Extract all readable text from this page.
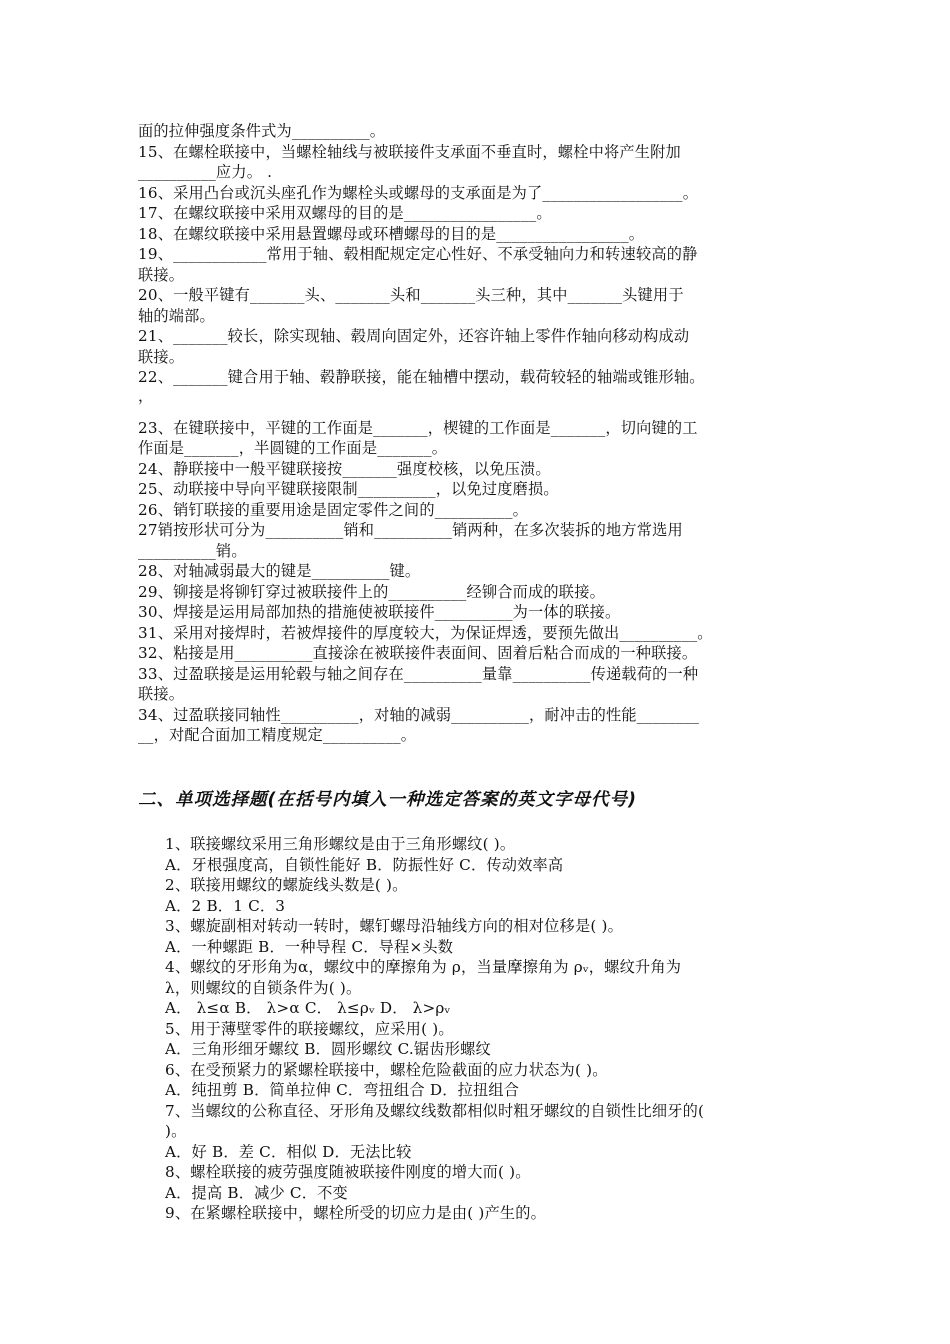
面的拉伸强度条件式为__________。
15、在螺栓联接中，当螺栓轴线与被联接件支承面不垂直时，螺栓中将产生附加
__________应力。 .
16、采用凸台或沉头座孔作为螺栓头或螺母的支承面是为了__________________。
17、在螺纹联接中采用双螺母的目的是_________________。
18、在螺纹联接中采用悬置螺母或环槽螺母的目的是_________________。
19、____________常用于轴、毂相配规定定心性好、不承受轴向力和转速较高的静
联接。
20、一般平键有_______头、_______头和_______头三种，其中_______头键用于
轴的端部。
21、_______较长，除实现轴、毂周向固定外，还容许轴上零件作轴向移动构成动
联接。
22、_______键合用于轴、毂静联接，能在轴槽中摆动，载荷较轻的轴端或锥形轴。
，
23、在键联接中，平键的工作面是_______，楔键的工作面是_______，切向键的工
作面是_______，半圆键的工作面是_______。
24、静联接中一般平键联接按_______强度校核，以免压溃。
25、动联接中导向平键联接限制__________，以免过度磨损。
26、销钉联接的重要用途是固定零件之间的__________。
27销按形状可分为__________销和__________销两种，在多次装拆的地方常选用
__________销。
28、对轴减弱最大的键是__________键。
29、铆接是将铆钉穿过被联接件上的__________经铆合而成的联接。
30、焊接是运用局部加热的措施使被联接件__________为一体的联接。
31、采用对接焊时，若被焊接件的厚度较大，为保证焊透，要预先做出__________。
32、粘接是用__________直接涂在被联接件表面间、固着后粘合而成的一种联接。
33、过盈联接是运用轮毂与轴之间存在__________量靠__________传递载荷的一种
联接。
34、过盈联接同轴性__________，对轴的减弱__________，耐冲击的性能________
__，对配合面加工精度规定__________。
二、单项选择题(在括号内填入一种选定答案的英文字母代号)
1、联接螺纹采用三角形螺纹是由于三角形螺纹( )。
A．牙根强度高，自锁性能好 B．防振性好 C．传动效率高
2、联接用螺纹的螺旋线头数是( )。
A．2 B．1 C．3
3、螺旋副相对转动一转时，螺钉螺母沿轴线方向的相对位移是( )。
A．一种螺距 B．一种导程 C．导程×头数
4、螺纹的牙形角为α，螺纹中的摩擦角为 ρ，当量摩擦角为 ρᵥ，螺纹升角为
λ，则螺纹的自锁条件为( )。
A． λ≤α B． λ>α C． λ≤ρᵥ D． λ>ρᵥ
5、用于薄壁零件的联接螺纹，应采用( )。
A．三角形细牙螺纹 B．圆形螺纹 C.锯齿形螺纹
6、在受预紧力的紧螺栓联接中，螺栓危险截面的应力状态为( )。
A．纯扭剪 B．简单拉伸 C．弯扭组合 D．拉扭组合
7、当螺纹的公称直径、牙形角及螺纹线数都相似时粗牙螺纹的自锁性比细牙的(
)。
A．好 B．差 C．相似 D．无法比较
8、螺栓联接的疲劳强度随被联接件刚度的增大而( )。
A．提高 B．减少 C．不变
9、在紧螺栓联接中，螺栓所受的切应力是由( )产生的。
